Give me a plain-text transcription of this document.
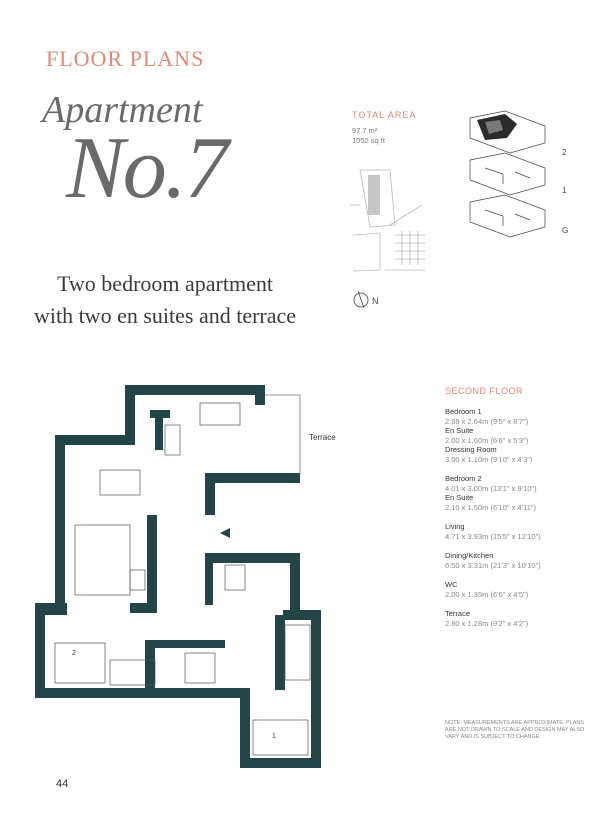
FLOOR PLANS
Apartment
No.7
Two bedroom apartment
with two en suites and terrace
TOTAL AREA
97.7 m²
1052 sq ft
N
2
1
G
Terrace
2
1
SECOND FLOOR
Bedroom 1
2.88 x 2.64m (9'5" x 8'7")
En Suite
2.00 x 1.60m (6'6" x 5'3")
Dressing Room
3.00 x 1.10m (9'10" x 4'3")
Bedroom 2
4.01 x 3.00m (13'1" x 9'10")
En Suite
2.10 x 1.50m (6'10" x 4'11")
Living
4.71 x 3.93m (15'5" x 12'10")
Dining/Kitchen
6.50 x 3.31m (21'3" x 10'10")
WC
2.00 x 1.35m (6'6" x 4'5")
Terrace
2.80 x 1.28m (9'2" x 4'2")
NOTE: MEASUREMENTS ARE APPROXIMATE. PLANS ARE NOT DRAWN TO SCALE AND DESIGN MAY ALSO VARY AND IS SUBJECT TO CHANGE.
44
